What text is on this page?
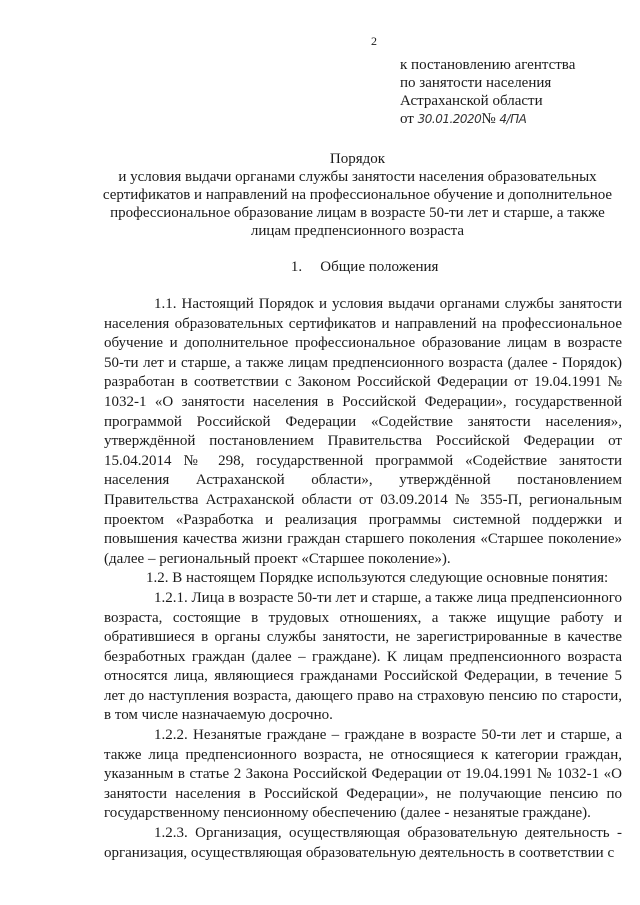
2
к постановлению агентства
по занятости населения
Астраханской области
от 30.01.2020№ 4/ПА
Порядок
и условия выдачи органами службы занятости населения образовательных сертификатов и направлений на профессиональное обучение и дополнительное профессиональное образование лицам в возрасте 50-ти лет и старше, а также лицам предпенсионного возраста
1. Общие положения

1.1. Настоящий Порядок и условия выдачи органами службы занятости населения образовательных сертификатов и направлений на профессиональное обучение и дополнительное профессиональное образование лицам в возрасте 50-ти лет и старше, а также лицам предпенсионного возраста (далее - Порядок) разработан в соответствии с Законом Российской Федерации от 19.04.1991 № 1032-1 «О занятости населения в Российской Федерации», государственной программой Российской Федерации «Содействие занятости населения», утверждённой постановлением Правительства Российской Федерации от 15.04.2014 № 298, государственной программой «Содействие занятости населения Астраханской области», утверждённой постановлением Правительства Астраханской области от 03.09.2014 № 355-П, региональным проектом «Разработка и реализация программы системной поддержки и повышения качества жизни граждан старшего поколения «Старшее поколение» (далее – региональный проект «Старшее поколение»).

1.2. В настоящем Порядке используются следующие основные понятия:

1.2.1. Лица в возрасте 50-ти лет и старше, а также лица предпенсионного возраста, состоящие в трудовых отношениях, а также ищущие работу и обратившиеся в органы службы занятости, не зарегистрированные в качестве безработных граждан (далее – граждане). К лицам предпенсионного возраста относятся лица, являющиеся гражданами Российской Федерации, в течение 5 лет до наступления возраста, дающего право на страховую пенсию по старости, в том числе назначаемую досрочно.

1.2.2. Незанятые граждане – граждане в возрасте 50-ти лет и старше, а также лица предпенсионного возраста, не относящиеся к категории граждан, указанным в статье 2 Закона Российской Федерации от 19.04.1991 № 1032-1 «О занятости населения в Российской Федерации», не получающие пенсию по государственному пенсионному обеспечению (далее - незанятые граждане).

1.2.3. Организация, осуществляющая образовательную деятельность - организация, осуществляющая образовательную деятельность в соответствии с
